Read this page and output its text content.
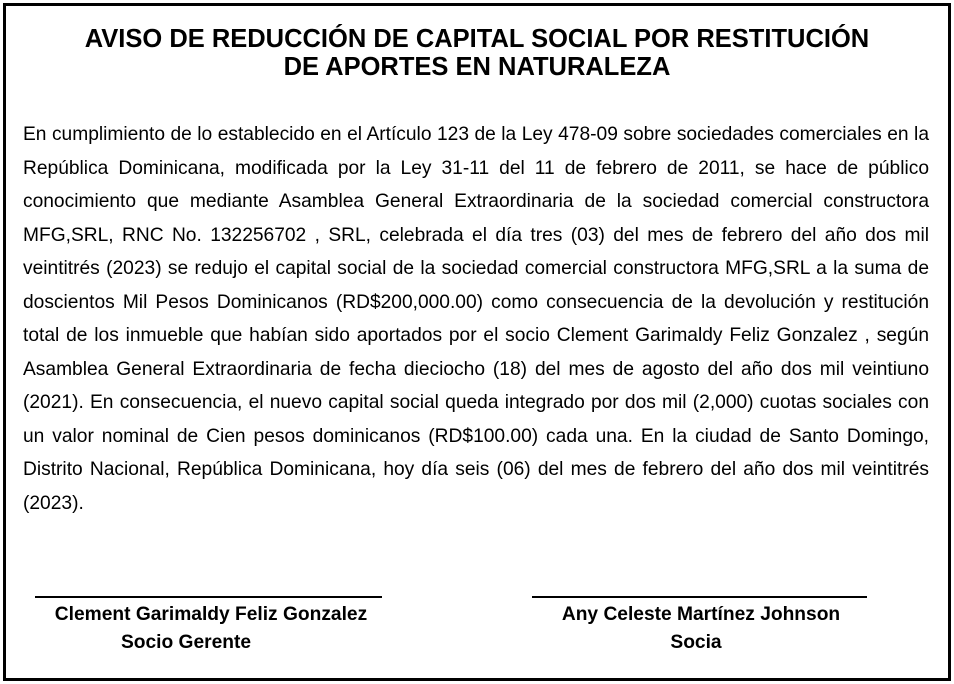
AVISO DE REDUCCIÓN DE CAPITAL SOCIAL POR RESTITUCIÓN
DE APORTES EN NATURALEZA

En cumplimiento de lo establecido en el Artículo 123 de la Ley 478-09 sobre sociedades comerciales en la República Dominicana, modificada por la Ley 31-11 del 11 de febrero de 2011, se hace de público conocimiento que mediante Asamblea General Extraordinaria de la sociedad comercial constructora MFG,SRL, RNC No. 132256702 , SRL, celebrada el día tres (03) del mes de febrero del año dos mil veintitrés (2023) se redujo el capital social de la sociedad comercial constructora MFG,SRL a la suma de doscientos Mil Pesos Dominicanos (RD$200,000.00) como consecuencia de la devolución y restitución total de los inmueble que habían sido aportados por el socio Clement Garimaldy Feliz Gonzalez , según Asamblea General Extraordinaria de fecha dieciocho (18) del mes de agosto del año dos mil veintiuno (2021). En consecuencia, el nuevo capital social queda integrado por dos mil (2,000) cuotas sociales con un valor nominal de Cien pesos dominicanos (RD$100.00) cada una. En la ciudad de Santo Domingo, Distrito Nacional, República Dominicana, hoy día seis (06) del mes de febrero del año dos mil veintitrés (2023).

Clement Garimaldy Feliz Gonzalez

Socio Gerente

Any Celeste Martínez Johnson

Socia
